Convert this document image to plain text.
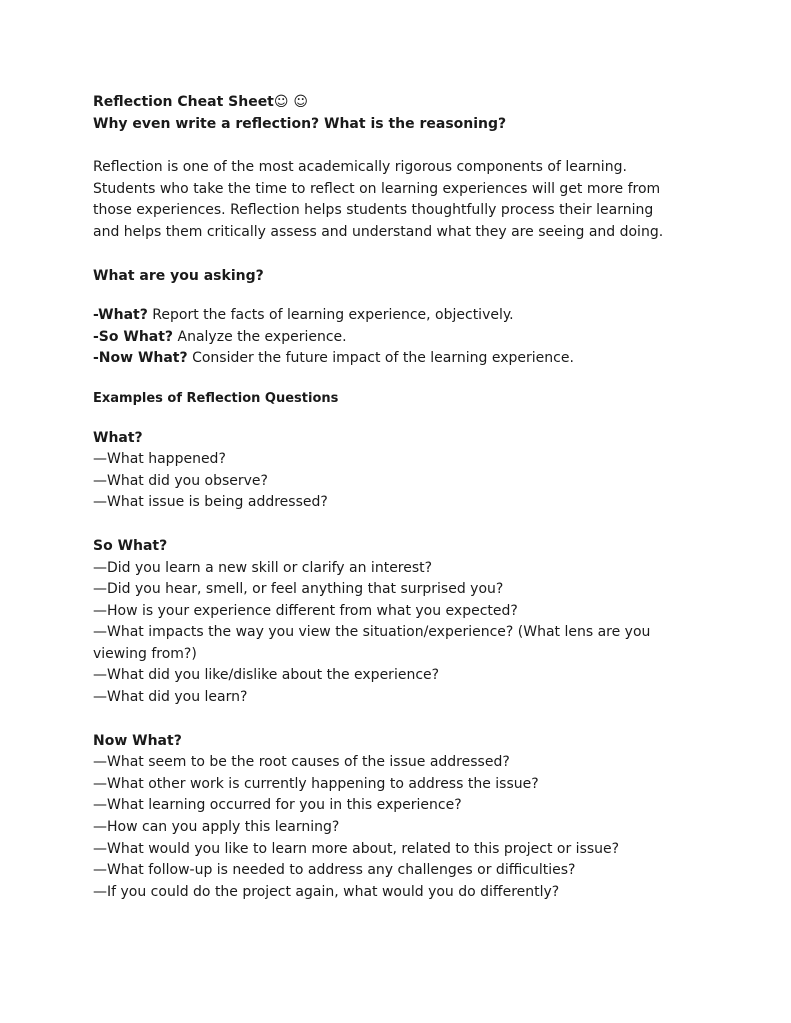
Reflection Cheat Sheet☺ ☺
Why even write a reflection? What is the reasoning?
Reflection is one of the most academically rigorous components of learning.
Students who take the time to reflect on learning experiences will get more from
those experiences. Reflection helps students thoughtfully process their learning
and helps them critically assess and understand what they are seeing and doing.
What are you asking?
-What? Report the facts of learning experience, objectively.
-So What? Analyze the experience.
-Now What? Consider the future impact of the learning experience.
Examples of Reflection Questions
What?
—What happened?
—What did you observe?
—What issue is being addressed?
So What?
—Did you learn a new skill or clarify an interest?
—Did you hear, smell, or feel anything that surprised you?
—How is your experience different from what you expected?
—What impacts the way you view the situation/experience? (What lens are you
viewing from?)
—What did you like/dislike about the experience?
—What did you learn?
Now What?
—What seem to be the root causes of the issue addressed?
—What other work is currently happening to address the issue?
—What learning occurred for you in this experience?
—How can you apply this learning?
—What would you like to learn more about, related to this project or issue?
—What follow-up is needed to address any challenges or difficulties?
—If you could do the project again, what would you do differently?
